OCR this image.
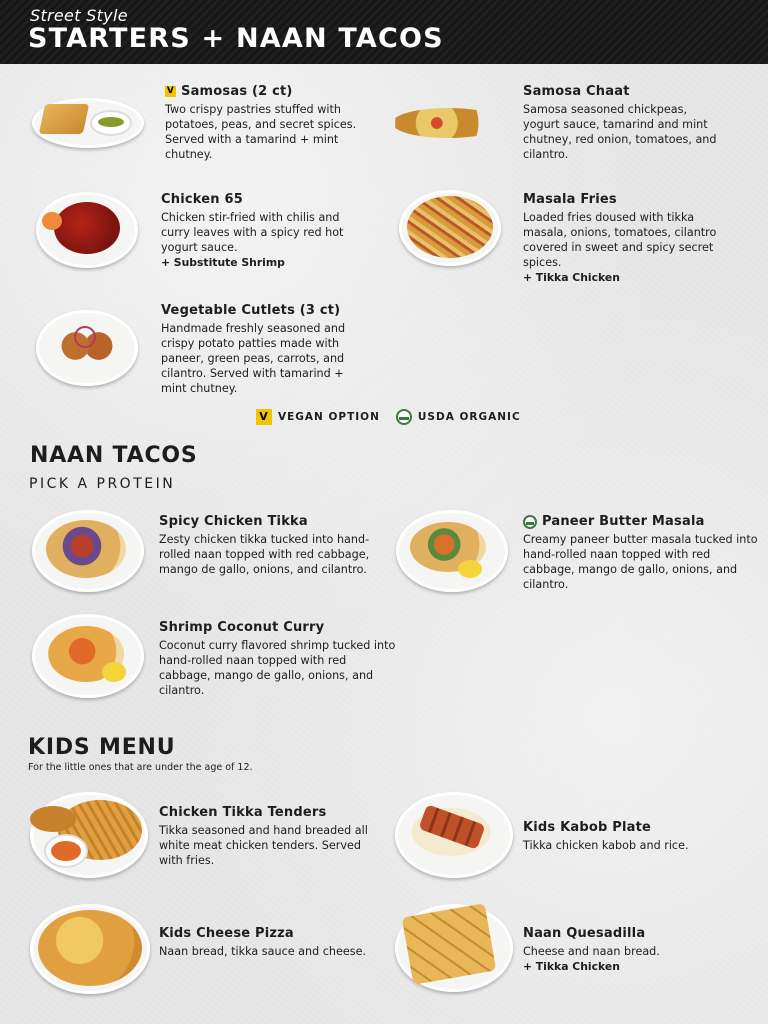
Street Style
STARTERS + NAAN TACOS
V Samosas (2 ct)
Two crispy pastries stuffed with potatoes, peas, and secret spices. Served with a tamarind + mint chutney.
Samosa Chaat
Samosa seasoned chickpeas, yogurt sauce, tamarind and mint chutney, red onion, tomatoes, and cilantro.
Chicken 65
Chicken stir-fried with chilis and curry leaves with a spicy red hot yogurt sauce.
+ Substitute Shrimp
Masala Fries
Loaded fries doused with tikka masala, onions, tomatoes, cilantro covered in sweet and spicy secret spices.
+ Tikka Chicken
Vegetable Cutlets (3 ct)
Handmade freshly seasoned and crispy potato patties made with paneer, green peas, carrots, and cilantro. Served with tamarind + mint chutney.
V VEGAN OPTION	USDA ORGANIC
NAAN TACOS
PICK A PROTEIN
Spicy Chicken Tikka
Zesty chicken tikka tucked into hand-rolled naan topped with red cabbage, mango de gallo, onions, and cilantro.
Paneer Butter Masala
Creamy paneer butter masala tucked into hand-rolled naan topped with red cabbage, mango de gallo, onions, and cilantro.
Shrimp Coconut Curry
Coconut curry flavored shrimp tucked into hand-rolled naan topped with red cabbage, mango de gallo, onions, and cilantro.
KIDS MENU
For the little ones that are under the age of 12.
Chicken Tikka Tenders
Tikka seasoned and hand breaded all white meat chicken tenders. Served with fries.
Kids Kabob Plate
Tikka chicken kabob and rice.
Kids Cheese Pizza
Naan bread, tikka sauce and cheese.
Naan Quesadilla
Cheese and naan bread.
+ Tikka Chicken
